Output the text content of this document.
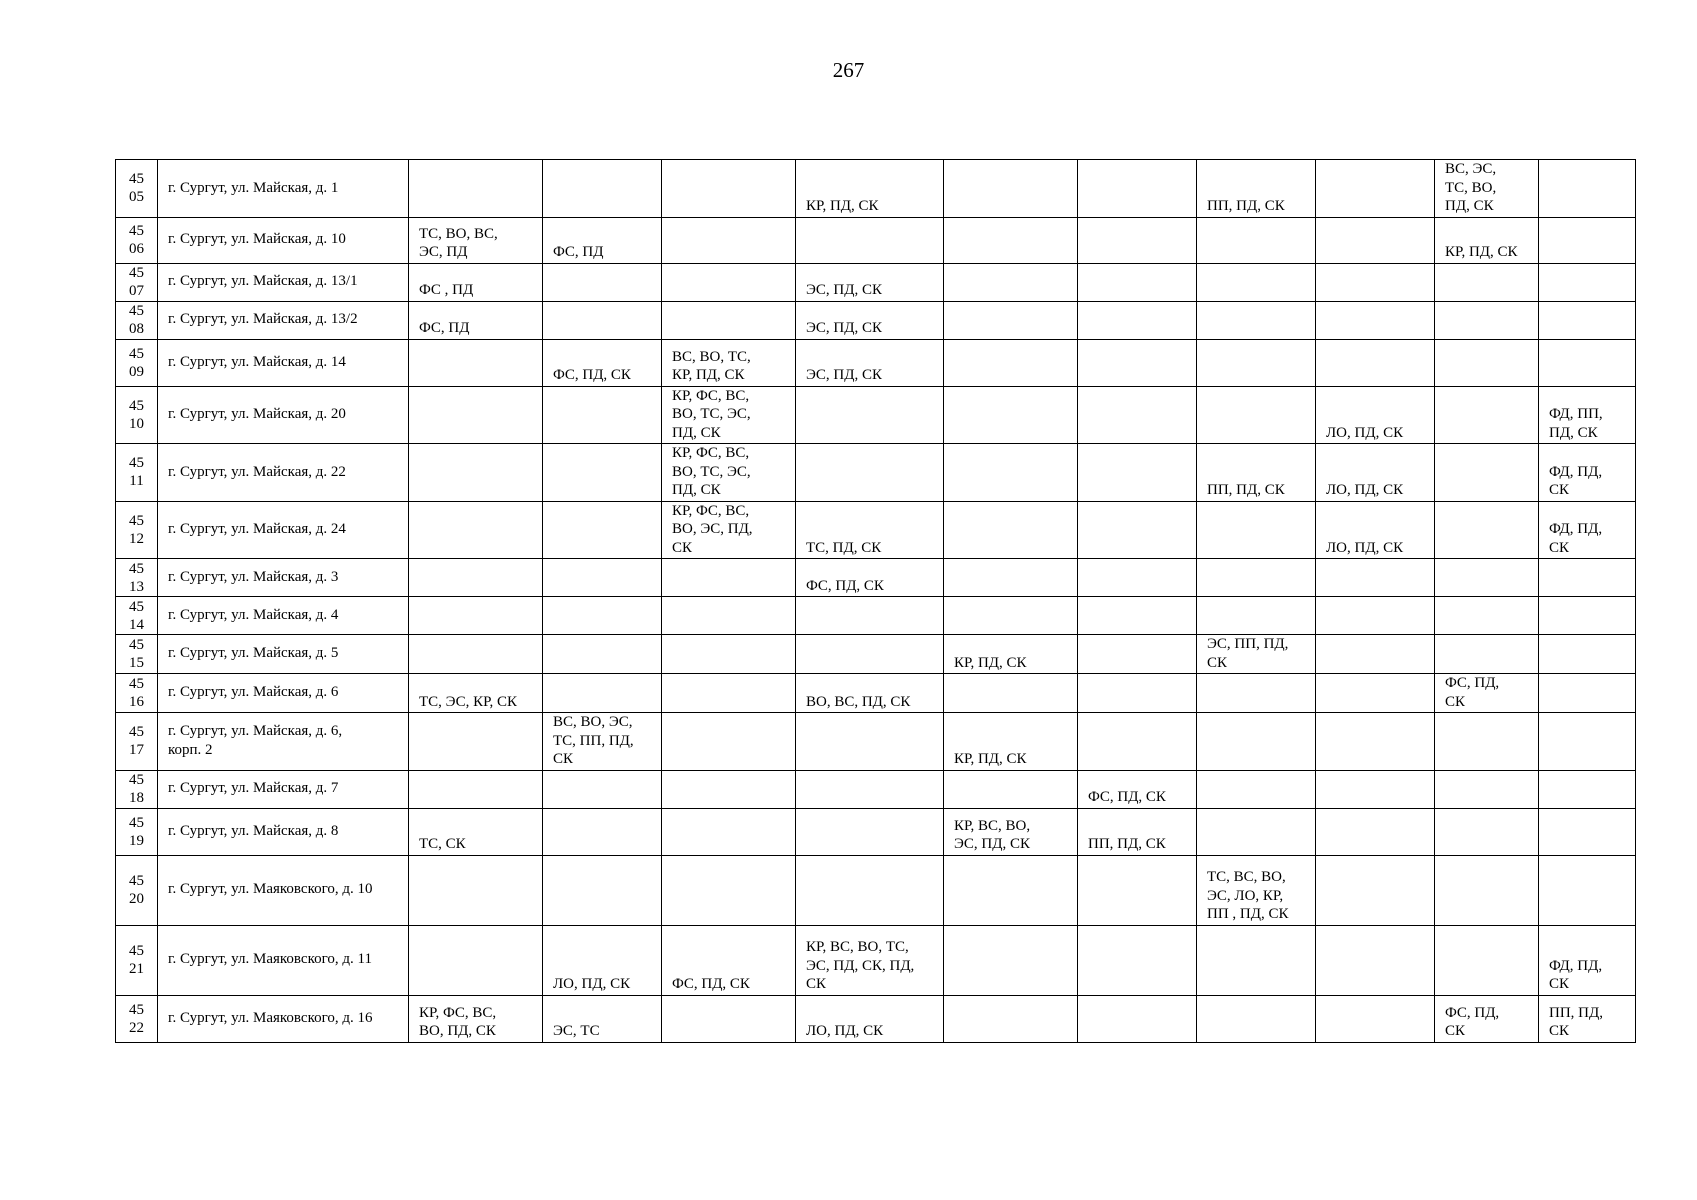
267
45
05	г. Сургут, ул. Майская, д. 1				КР, ПД, СК			ПП, ПД, СК		ВС, ЭС,
ТС, ВО,
ПД, СК	
45
06	г. Сургут, ул. Майская, д. 10	ТС, ВО, ВС,
ЭС, ПД	ФС, ПД							КР, ПД, СК	
45
07	г. Сургут, ул. Майская, д. 13/1	ФС , ПД			ЭС, ПД, СК						
45
08	г. Сургут, ул. Майская, д. 13/2	ФС, ПД			ЭС, ПД, СК						
45
09	г. Сургут, ул. Майская, д. 14		ФС, ПД, СК	ВС, ВО, ТС,
КР, ПД, СК	ЭС, ПД, СК						
45
10	г. Сургут, ул. Майская, д. 20			КР, ФС, ВС,
ВО, ТС, ЭС,
ПД, СК					ЛО, ПД, СК		ФД, ПП,
ПД, СК
45
11	г. Сургут, ул. Майская, д. 22			КР, ФС, ВС,
ВО, ТС, ЭС,
ПД, СК				ПП, ПД, СК	ЛО, ПД, СК		ФД, ПД,
СК
45
12	г. Сургут, ул. Майская, д. 24			КР, ФС, ВС,
ВО, ЭС, ПД,
СК	ТС, ПД, СК				ЛО, ПД, СК		ФД, ПД,
СК
45
13	г. Сургут, ул. Майская, д. 3				ФС, ПД, СК						
45
14	г. Сургут, ул. Майская, д. 4										
45
15	г. Сургут, ул. Майская, д. 5					КР, ПД, СК		ЭС, ПП, ПД,
СК			
45
16	г. Сургут, ул. Майская, д. 6	ТС, ЭС, КР, СК			ВО, ВС, ПД, СК					ФС, ПД,
СК	
45
17	г. Сургут, ул. Майская, д. 6,
корп. 2		ВС, ВО, ЭС,
ТС, ПП, ПД,
СК			КР, ПД, СК					
45
18	г. Сургут, ул. Майская, д. 7						ФС, ПД, СК				
45
19	г. Сургут, ул. Майская, д. 8	ТС, СК				КР, ВС, ВО,
ЭС, ПД, СК	ПП, ПД, СК				
45
20	г. Сургут, ул. Маяковского, д. 10							ТС, ВС, ВО,
ЭС, ЛО, КР,
ПП , ПД, СК			
45
21	г. Сургут, ул. Маяковского, д. 11		ЛО, ПД, СК	ФС, ПД, СК	КР, ВС, ВО, ТС,
ЭС, ПД, СК, ПД,
СК						ФД, ПД,
СК
45
22	г. Сургут, ул. Маяковского, д. 16	КР, ФС, ВС,
ВО, ПД, СК	ЭС, ТС		ЛО, ПД, СК					ФС, ПД,
СК	ПП, ПД,
СК
